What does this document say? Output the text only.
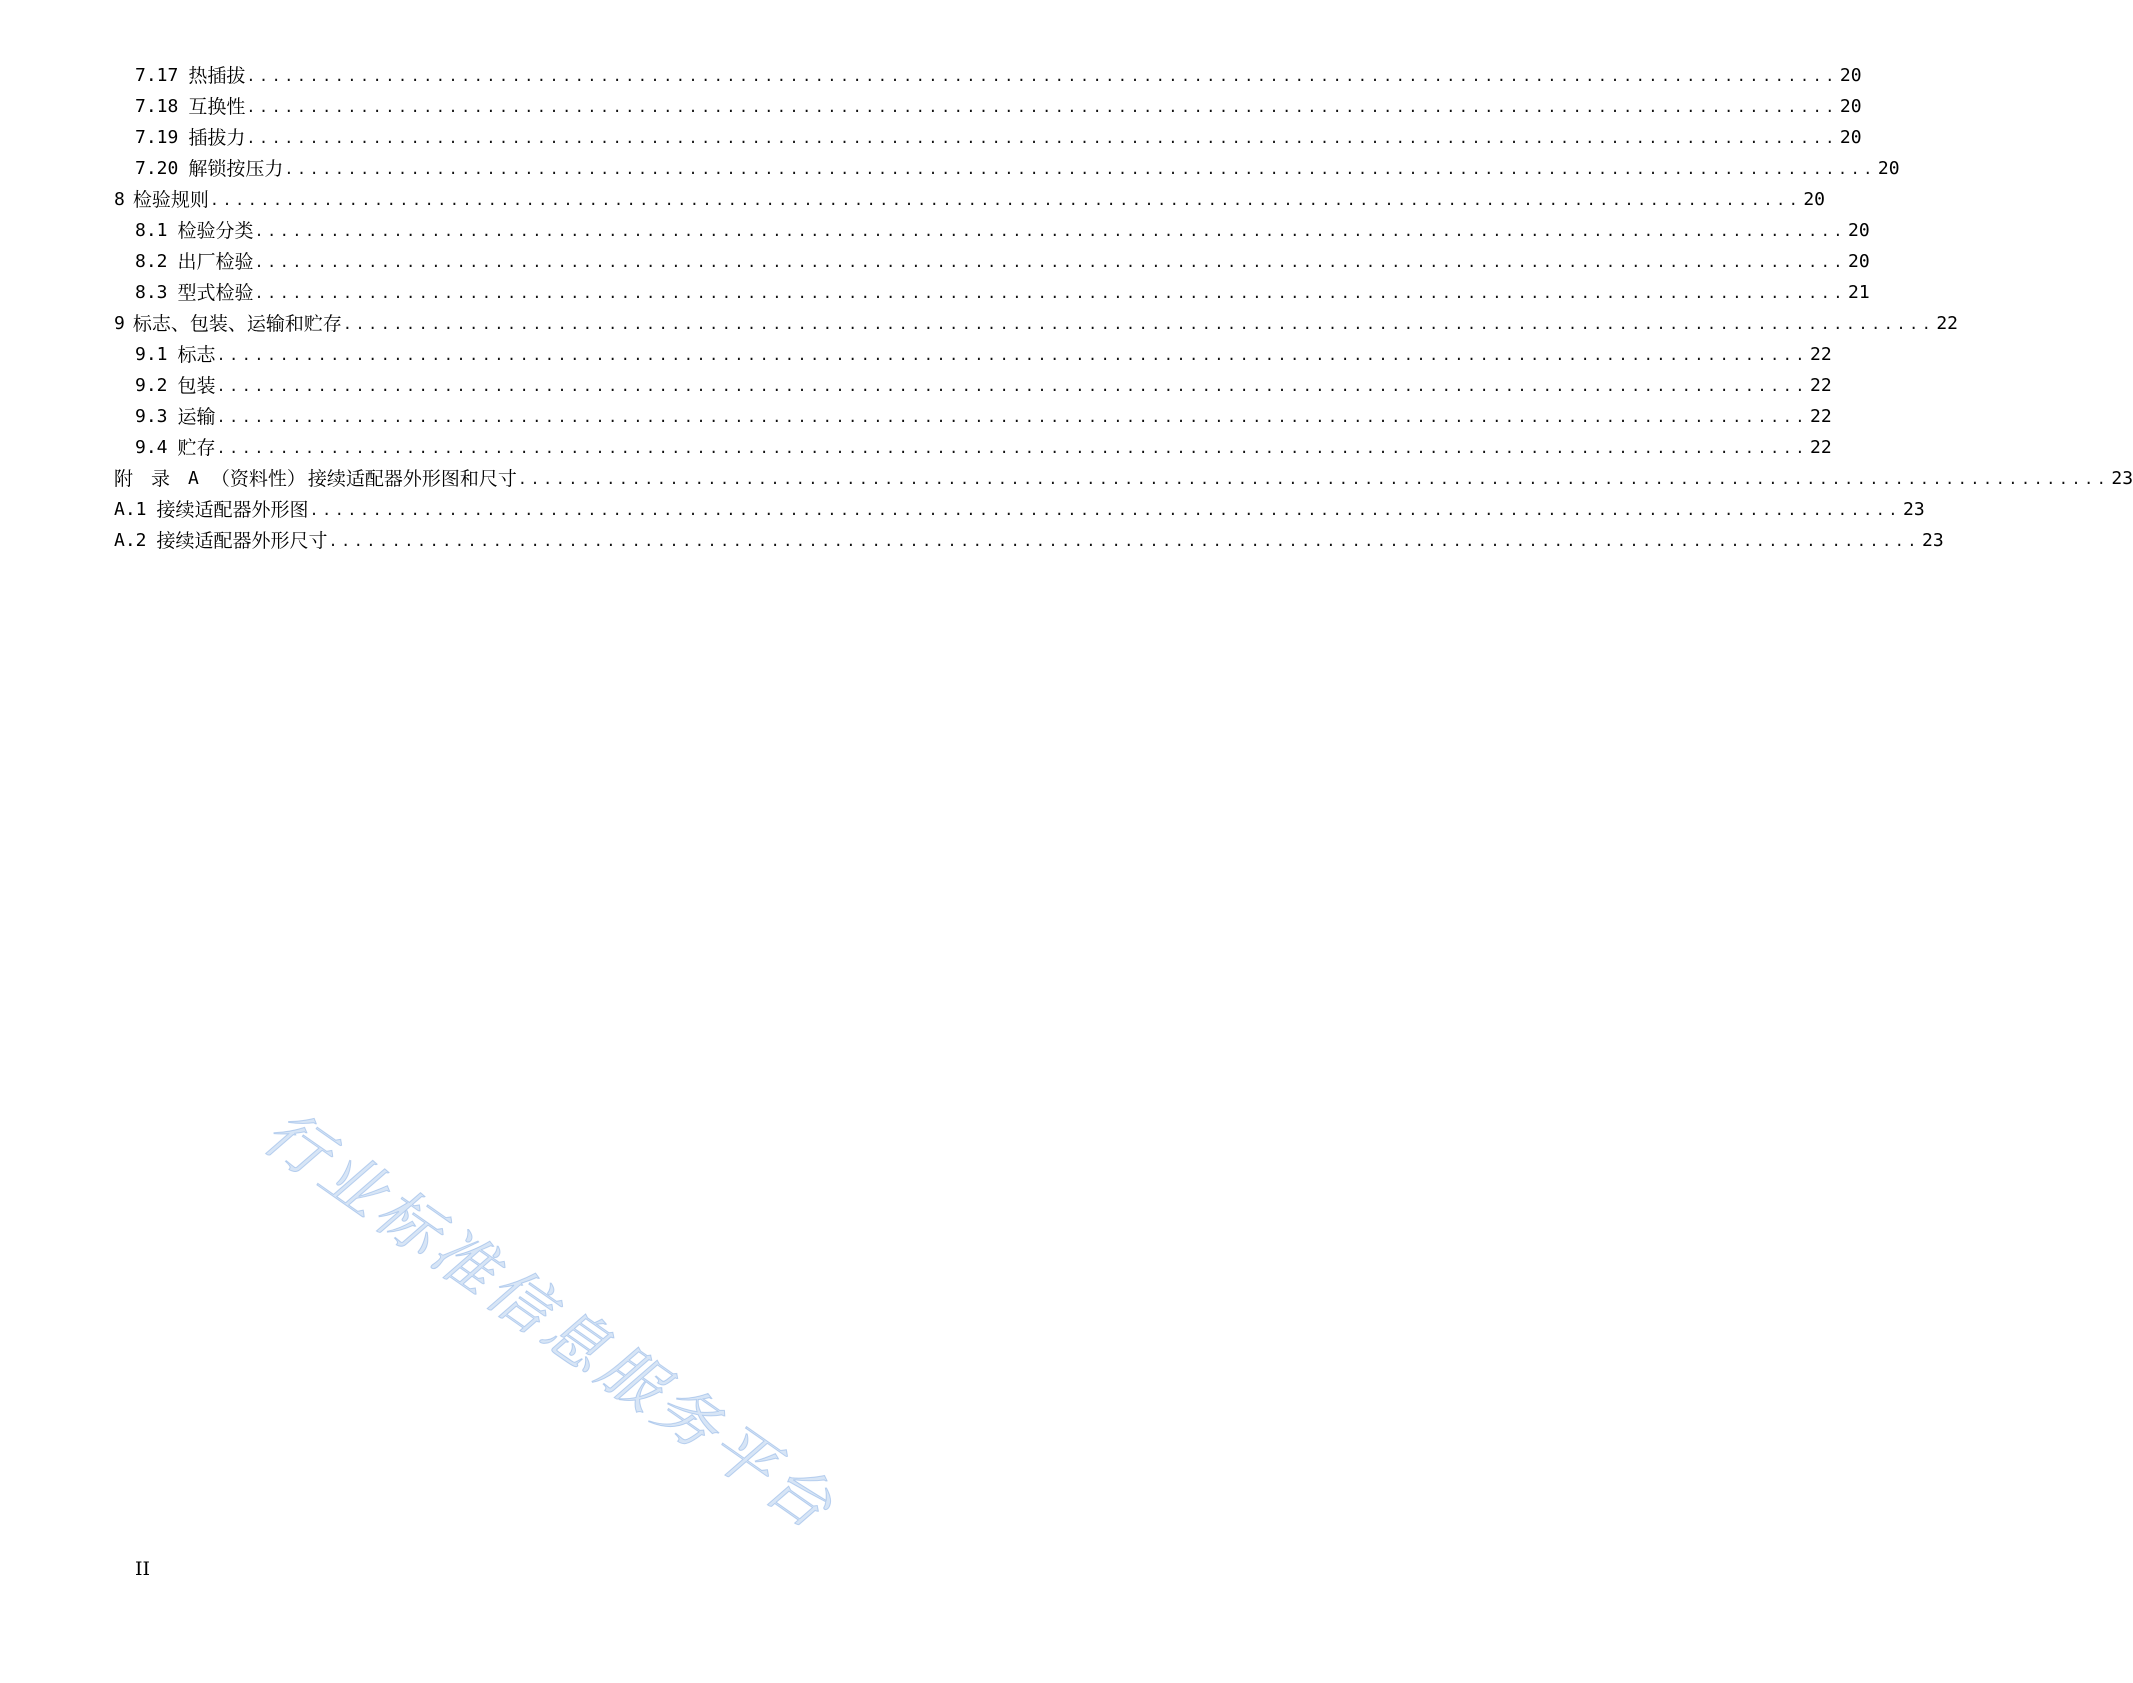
7.17 热插拔 .............................................................................................................................. 20
7.18 互换性 .............................................................................................................................. 20
7.19 插拔力 .............................................................................................................................. 20
7.20 解锁按压力 .............................................................................................................................. 20
8 检验规则 .............................................................................................................................. 20
8.1 检验分类 .............................................................................................................................. 20
8.2 出厂检验 .............................................................................................................................. 20
8.3 型式检验 .............................................................................................................................. 21
9 标志、包装、运输和贮存 .............................................................................................................................. 22
9.1 标志 .............................................................................................................................. 22
9.2 包装 .............................................................................................................................. 22
9.3 运输 .............................................................................................................................. 22
9.4 贮存 .............................................................................................................................. 22
附录 A （资料性） 接续适配器外形图和尺寸 .............................................................................................................................. 23
A.1 接续适配器外形图 .............................................................................................................................. 23
A.2 接续适配器外形尺寸 .............................................................................................................................. 23
行业标准信息服务平台
II
